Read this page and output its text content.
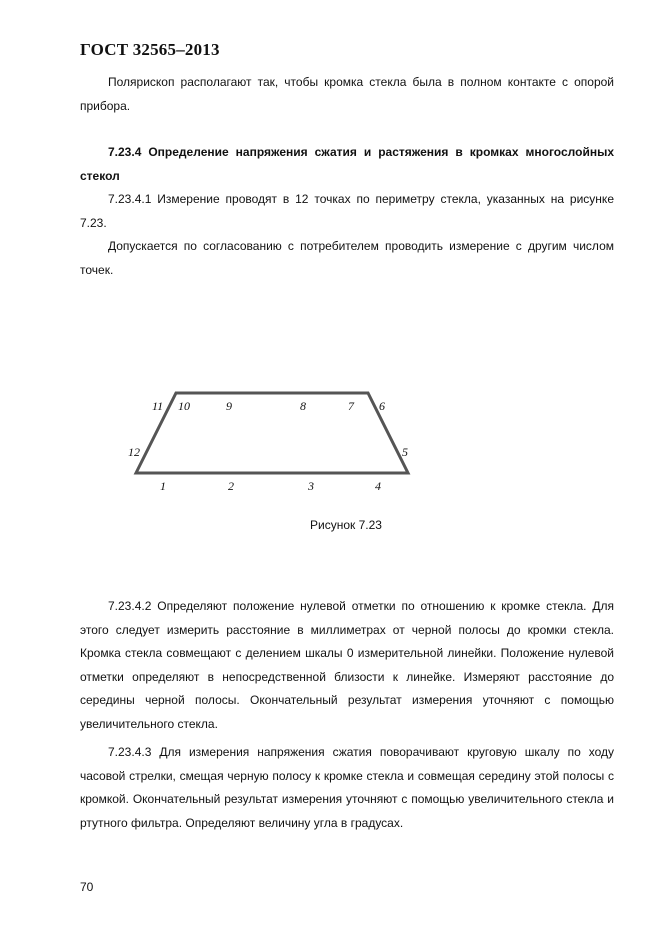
ГОСТ 32565–2013

Полярископ располагают так, чтобы кромка стекла была в полном контакте с опорой прибора.

7.23.4 Определение напряжения сжатия и растяжения в кромках многослойных стекол

7.23.4.1 Измерение проводят в 12 точках по периметру стекла, указанных на рисунке 7.23.

Допускается по согласованию с потребителем проводить измерение с другим числом точек.

1	2	3	4
5
6
7
8
9
10
11
12
Рисунок 7.23

7.23.4.2 Определяют положение нулевой отметки по отношению к кромке стекла. Для этого следует измерить расстояние в миллиметрах от черной полосы до кромки стекла. Кромка стекла совмещают с делением шкалы 0 измерительной линейки. Положение нулевой отметки определяют в непосредственной близости к линейке. Измеряют расстояние до середины черной полосы. Окончательный результат измерения уточняют с помощью увеличительного стекла.

7.23.4.3 Для измерения напряжения сжатия поворачивают круговую шкалу по ходу часовой стрелки, смещая черную полосу к кромке стекла и совмещая середину этой полосы с кромкой. Окончательный результат измерения уточняют с помощью увеличительного стекла и ртутного фильтра. Определяют величину угла в градусах.

70
